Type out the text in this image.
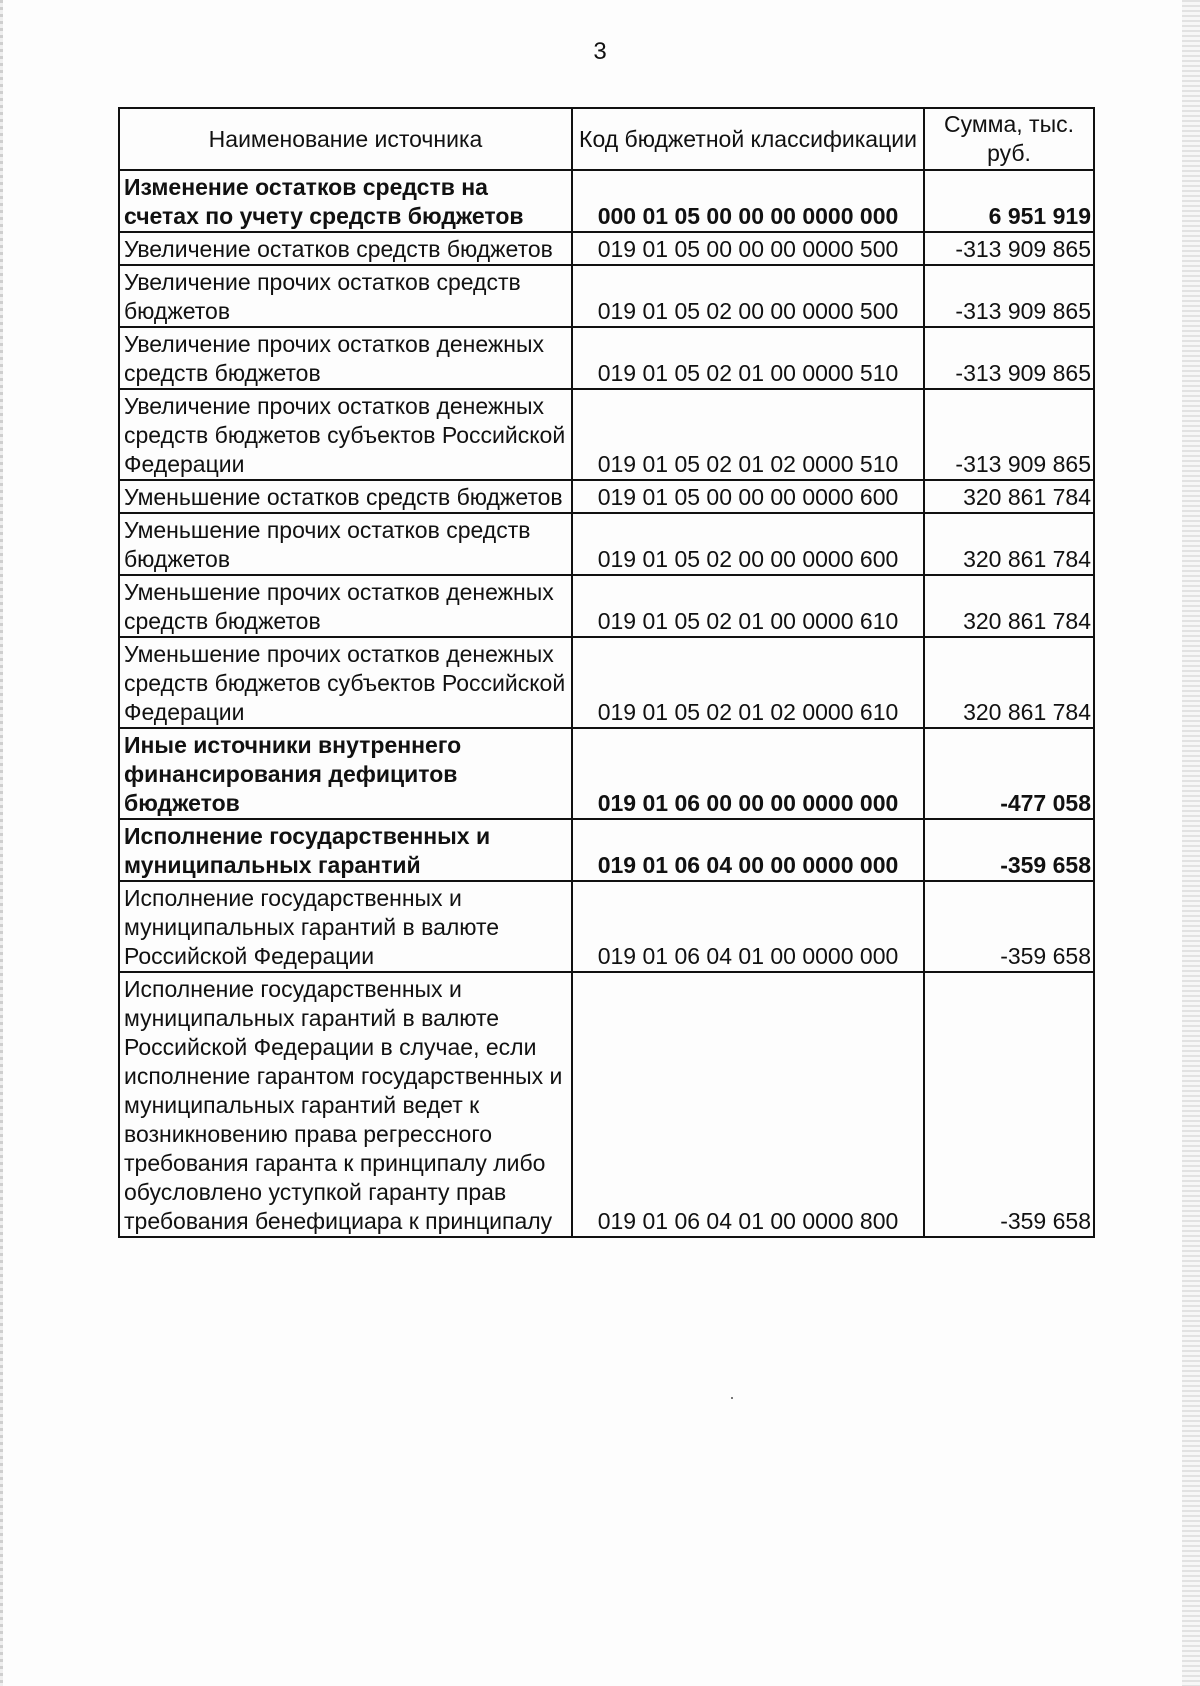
3
Наименование источника	Код бюджетной классификации	Сумма, тыс. руб.
Изменение остатков средств на счетах по учету средств бюджетов	000 01 05 00 00 00 0000 000	6 951 919
Увеличение остатков средств бюджетов	019 01 05 00 00 00 0000 500	-313 909 865
Увеличение прочих остатков средств бюджетов	019 01 05 02 00 00 0000 500	-313 909 865
Увеличение прочих остатков денежных средств бюджетов	019 01 05 02 01 00 0000 510	-313 909 865
Увеличение прочих остатков денежных средств бюджетов субъектов Российской Федерации	019 01 05 02 01 02 0000 510	-313 909 865
Уменьшение остатков средств бюджетов	019 01 05 00 00 00 0000 600	320 861 784
Уменьшение прочих остатков средств бюджетов	019 01 05 02 00 00 0000 600	320 861 784
Уменьшение прочих остатков денежных средств бюджетов	019 01 05 02 01 00 0000 610	320 861 784
Уменьшение прочих остатков денежных средств бюджетов субъектов Российской Федерации	019 01 05 02 01 02 0000 610	320 861 784
Иные источники внутреннего финансирования дефицитов бюджетов	019 01 06 00 00 00 0000 000	-477 058
Исполнение государственных и муниципальных гарантий	019 01 06 04 00 00 0000 000	-359 658
Исполнение государственных и муниципальных гарантий в валюте Российской Федерации	019 01 06 04 01 00 0000 000	-359 658
Исполнение государственных и муниципальных гарантий в валюте Российской Федерации в случае, если исполнение гарантом государственных и муниципальных гарантий ведет к возникновению права регрессного требования гаранта к принципалу либо обусловлено уступкой гаранту прав требования бенефициара к принципалу	019 01 06 04 01 00 0000 800	-359 658
